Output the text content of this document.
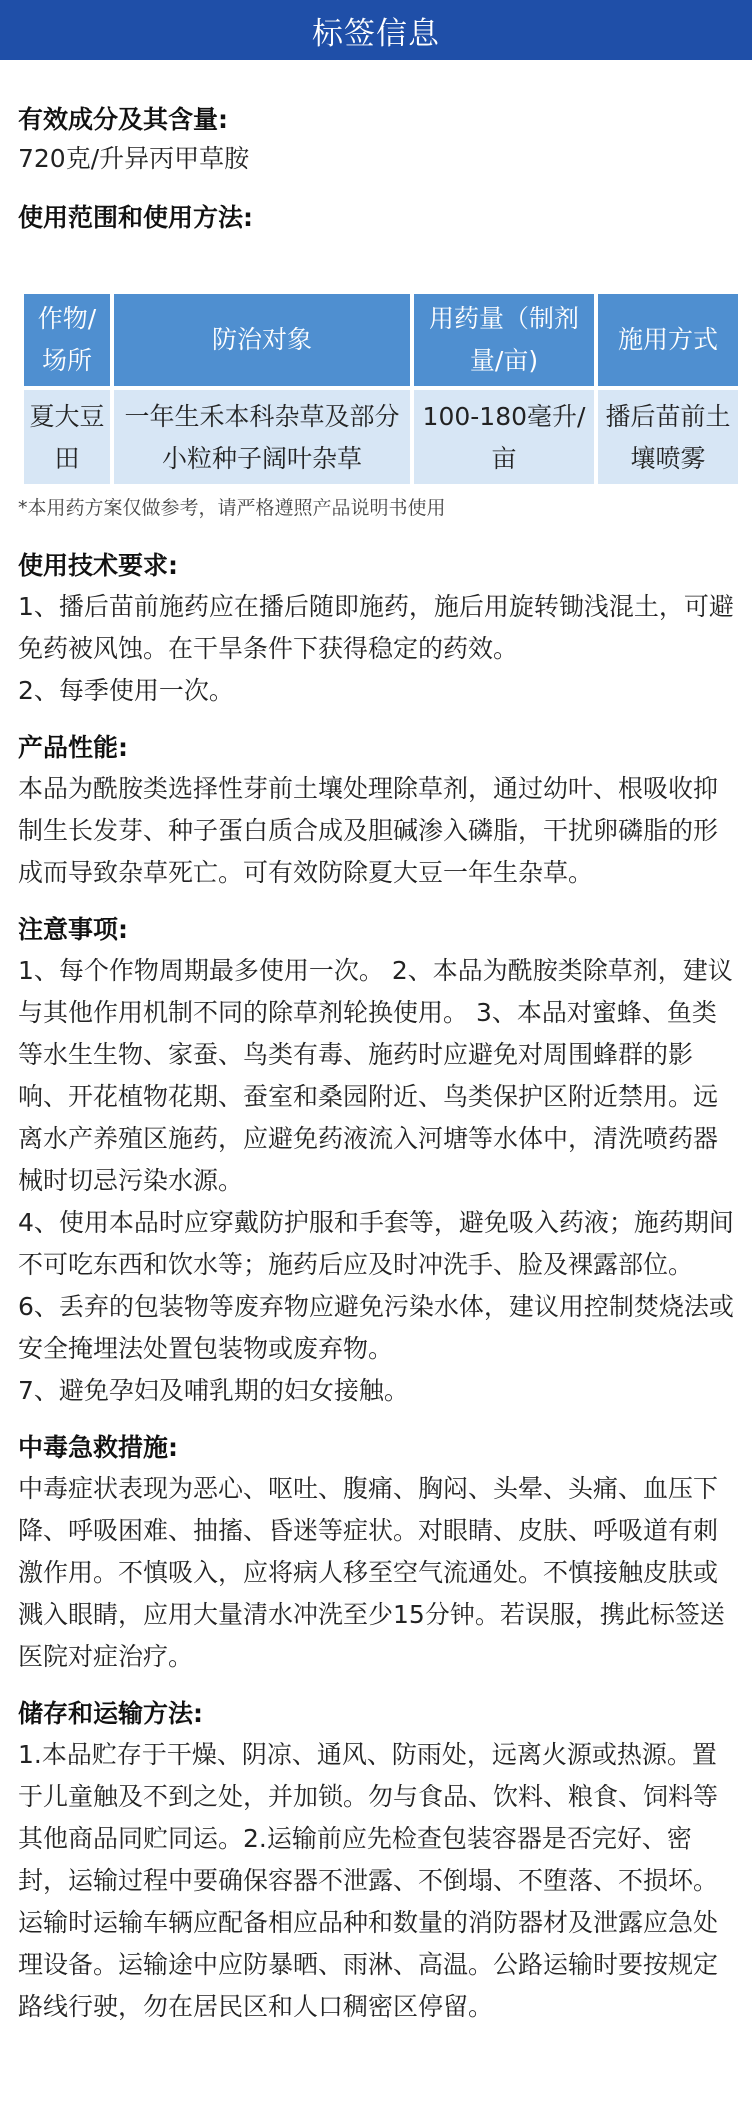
标签信息
有效成分及其含量:
720克/升异丙甲草胺
使用范围和使用方法:
作物/场所	防治对象	用药量（制剂量/亩)	施用方式

夏大豆田	一年生禾本科杂草及部分小粒种子阔叶杂草	100-180毫升/亩	播后苗前土壤喷雾
*本用药方案仅做参考，请严格遵照产品说明书使用
使用技术要求:
1、播后苗前施药应在播后随即施药，施后用旋转锄浅混土，可避免药被风蚀。在干旱条件下获得稳定的药效。
2、每季使用一次。
产品性能:
本品为酰胺类选择性芽前土壤处理除草剂，通过幼叶、根吸收抑制生长发芽、种子蛋白质合成及胆碱渗入磷脂，干扰卵磷脂的形成而导致杂草死亡。可有效防除夏大豆一年生杂草。
注意事项:
1、每个作物周期最多使用一次。 2、本品为酰胺类除草剂，建议与其他作用机制不同的除草剂轮换使用。 3、本品对蜜蜂、鱼类等水生生物、家蚕、鸟类有毒、施药时应避免对周围蜂群的影响、开花植物花期、蚕室和桑园附近、鸟类保护区附近禁用。远离水产养殖区施药，应避免药液流入河塘等水体中，清洗喷药器械时切忌污染水源。
4、使用本品时应穿戴防护服和手套等，避免吸入药液；施药期间不可吃东西和饮水等；施药后应及时冲洗手、脸及裸露部位。 6、丢弃的包装物等废弃物应避免污染水体，建议用控制焚烧法或安全掩埋法处置包装物或废弃物。
7、避免孕妇及哺乳期的妇女接触。
中毒急救措施:
中毒症状表现为恶心、呕吐、腹痛、胸闷、头晕、头痛、血压下降、呼吸困难、抽搐、昏迷等症状。对眼睛、皮肤、呼吸道有刺激作用。不慎吸入，应将病人移至空气流通处。不慎接触皮肤或溅入眼睛，应用大量清水冲洗至少15分钟。若误服，携此标签送医院对症治疗。
储存和运输方法:
1.本品贮存于干燥、阴凉、通风、防雨处，远离火源或热源。置于儿童触及不到之处，并加锁。勿与食品、饮料、粮食、饲料等其他商品同贮同运。2.运输前应先检查包装容器是否完好、密封，运输过程中要确保容器不泄露、不倒塌、不堕落、不损坏。运输时运输车辆应配备相应品种和数量的消防器材及泄露应急处理设备。运输途中应防暴晒、雨淋、高温。公路运输时要按规定路线行驶，勿在居民区和人口稠密区停留。
